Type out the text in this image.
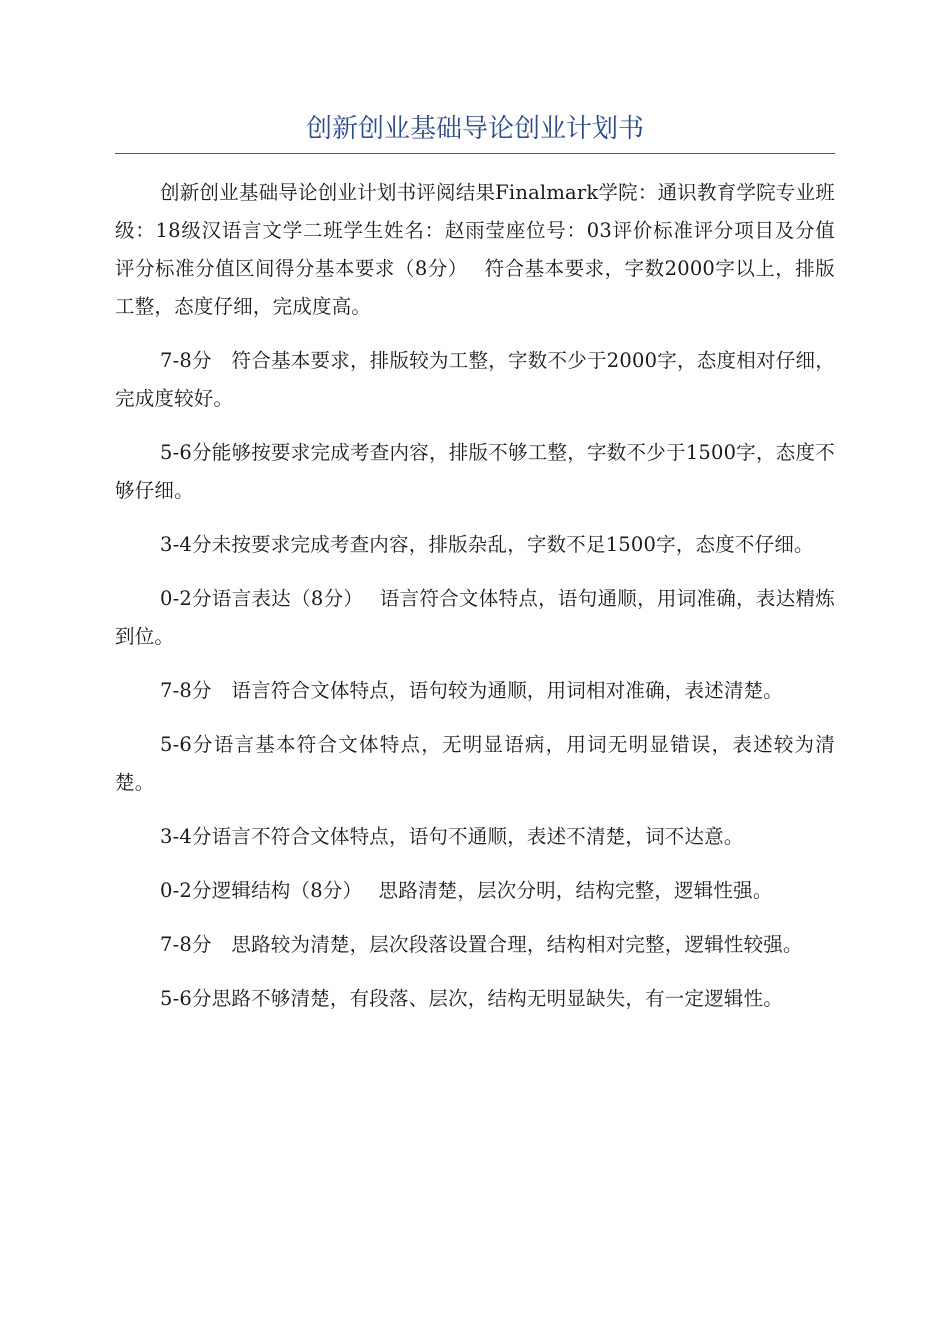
创新创业基础导论创业计划书

创新创业基础导论创业计划书评阅结果Finalmark学院：通识教育学院专业班级：18级汉语言文学二班学生姓名：赵雨莹座位号：03评价标准评分项目及分值评分标准分值区间得分基本要求（8分）　 符合基本要求，字数2000字以上，排版工整，态度仔细，完成度高。

7-8分　符合基本要求，排版较为工整，字数不少于2000字，态度相对仔细，完成度较好。

5-6分能够按要求完成考查内容，排版不够工整，字数不少于1500字，态度不够仔细。

3-4分未按要求完成考查内容，排版杂乱，字数不足1500字，态度不仔细。

0-2分语言表达（8分）　 语言符合文体特点，语句通顺，用词准确，表达精炼到位。

7-8分　语言符合文体特点，语句较为通顺，用词相对准确，表述清楚。

5-6分语言基本符合文体特点，无明显语病，用词无明显错误，表述较为清楚。

3-4分语言不符合文体特点，语句不通顺，表述不清楚，词不达意。

0-2分逻辑结构（8分）　 思路清楚，层次分明，结构完整，逻辑性强。

7-8分　思路较为清楚，层次段落设置合理，结构相对完整，逻辑性较强。

5-6分思路不够清楚，有段落、层次，结构无明显缺失，有一定逻辑性。
